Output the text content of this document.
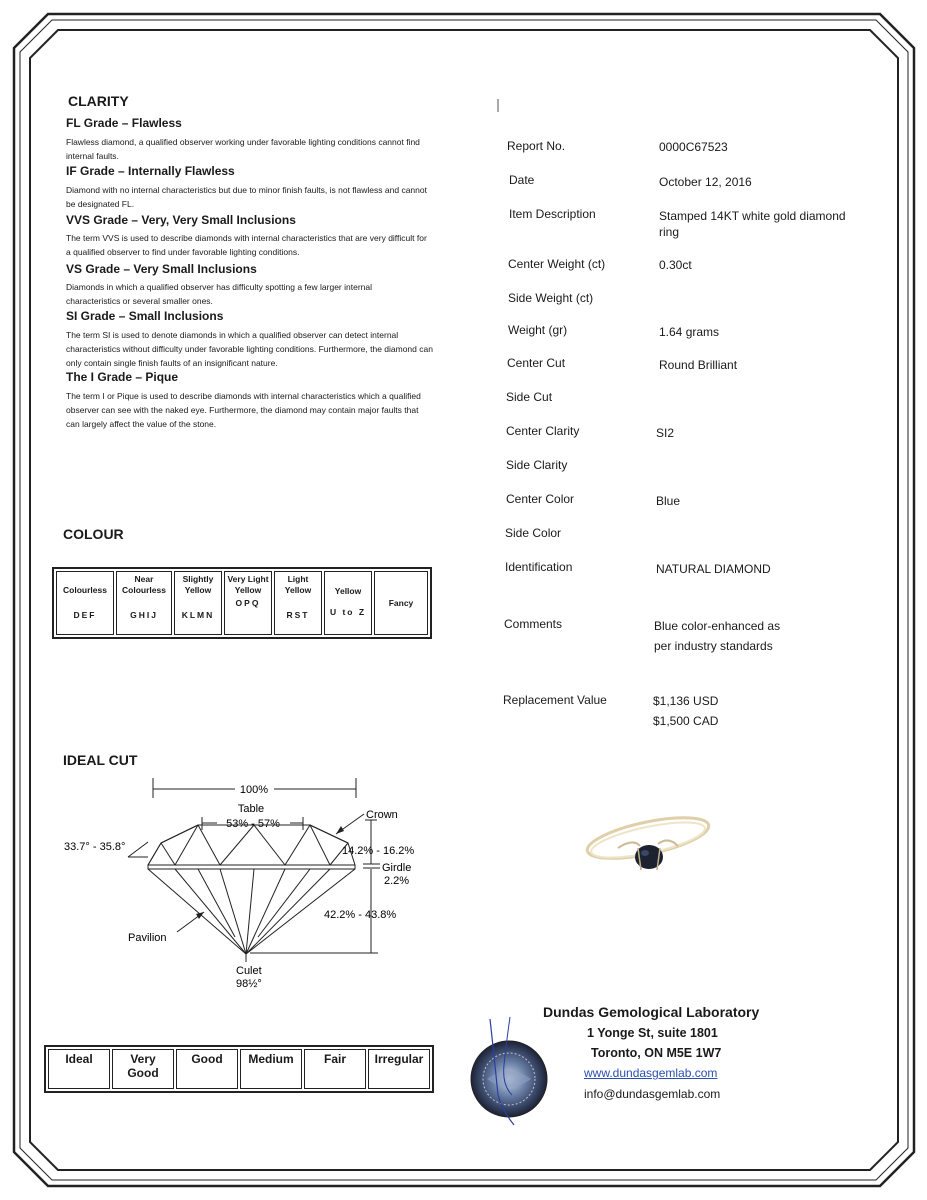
CLARITY
FL Grade – Flawless
Flawless diamond, a qualified observer working under favorable lighting conditions cannot find internal faults.
IF Grade – Internally Flawless
Diamond with no internal characteristics but due to minor finish faults, is not flawless and cannot be designated FL.
VVS Grade – Very, Very Small Inclusions
The term VVS is used to describe diamonds with internal characteristics that are very difficult for a qualified observer to find under favorable lighting conditions.
VS Grade – Very Small Inclusions
Diamonds in which a qualified observer has difficulty spotting a few larger internal characteristics or several smaller ones.
SI Grade – Small Inclusions
The term SI is used to denote diamonds in which a qualified observer can detect internal characteristics without difficulty under favorable lighting conditions. Furthermore, the diamond can only contain single finish faults of an insignificant nature.
The I Grade – Pique
The term I or Pique is used to describe diamonds with internal characteristics which a qualified observer can see with the naked eye. Furthermore, the diamond may contain major faults that can largely affect the value of the stone.
COLOUR
Colourless
DEF
	Near Colourless
GHIJ
	Slightly Yellow
KLMN
	Very Light Yellow
OPQ
	Light Yellow
RST
	Yellow
U to Z
	Fancy
IDEAL CUT
100%
Table
53% - 57%
33.7° - 35.8°
Crown
14.2% - 16.2%
Girdle
2.2%
42.2% - 43.8%
Pavilion
Culet
98½°
Ideal	Very Good	Good	Medium	Fair	Irregular
Report No.	0000C67523
Date	October 12, 2016
Item Description	Stamped 14KT white gold diamond
ring
Center Weight (ct)	0.30ct
Side Weight (ct)
Weight (gr)	1.64 grams
Center Cut	Round Brilliant
Side Cut
Center Clarity	SI2
Side Clarity
Center Color	Blue
Side Color
Identification	NATURAL DIAMOND
Comments	Blue color-enhanced as
per industry standards
Replacement Value	$1,136 USD
$1,500 CAD
Dundas Gemological Laboratory
1 Yonge St, suite 1801
Toronto, ON M5E 1W7
www.dundasgemlab.com
info@dundasgemlab.com
